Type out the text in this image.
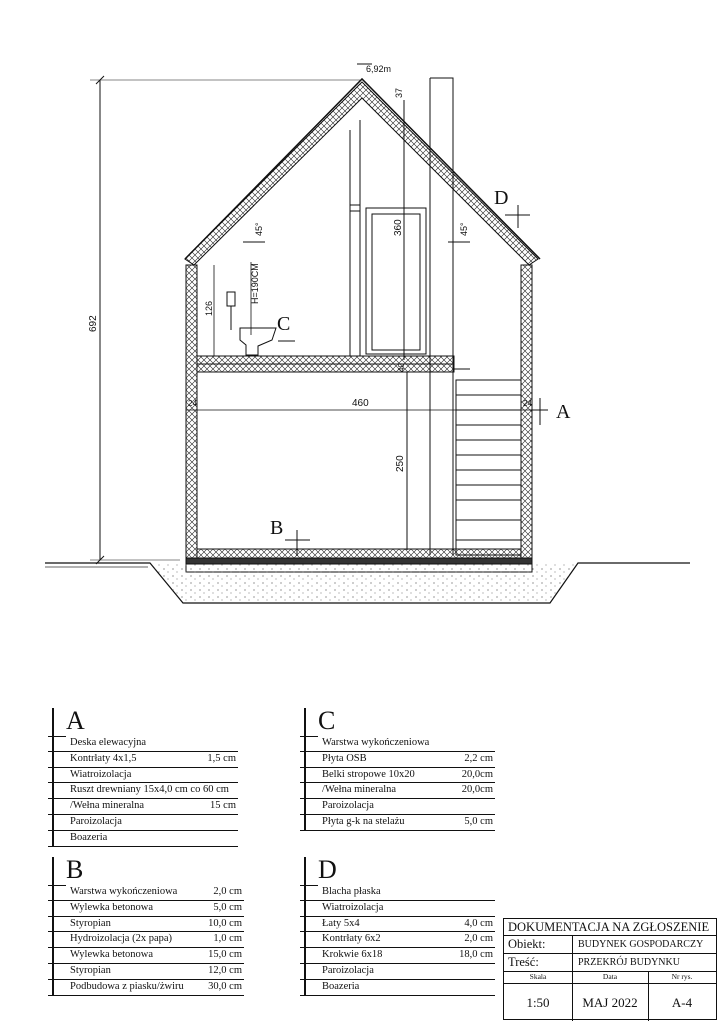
D
C
A
B
692
6,92m
37
360
45°	45°
H=190CM
126
460
250
40
24	24
A
Deska elewacyjna
Kontrłaty 4x1,5	1,5 cm
Wiatroizolacja
Ruszt drewniany 15x4,0 cm co 60 cm
/Wełna mineralna	15 cm
Paroizolacja
Boazeria
C
Warstwa wykończeniowa
Płyta OSB	2,2 cm
Belki stropowe 10x20	20,0cm
/Wełna mineralna	20,0cm
Paroizolacja
Płyta g-k na stelażu	5,0 cm
B
Warstwa wykończeniowa	2,0 cm
Wylewka betonowa	5,0 cm
Styropian	10,0 cm
Hydroizolacja (2x papa)	1,0 cm
Wylewka betonowa	15,0 cm
Styropian	12,0 cm
Podbudowa z piasku/żwiru 30,0 cm
D
Blacha płaska
Wiatroizolacja
Łaty 5x4	4,0 cm
Kontrłaty 6x2	2,0 cm
Krokwie 6x18	18,0 cm
Paroizolacja
Boazeria
DOKUMENTACJA NA ZGŁOSZENIE
Obiekt:	BUDYNEK GOSPODARCZY
Treść:	PRZEKRÓJ BUDYNKU
Skala	Data	Nr rys.
1:50	MAJ 2022	A-4
